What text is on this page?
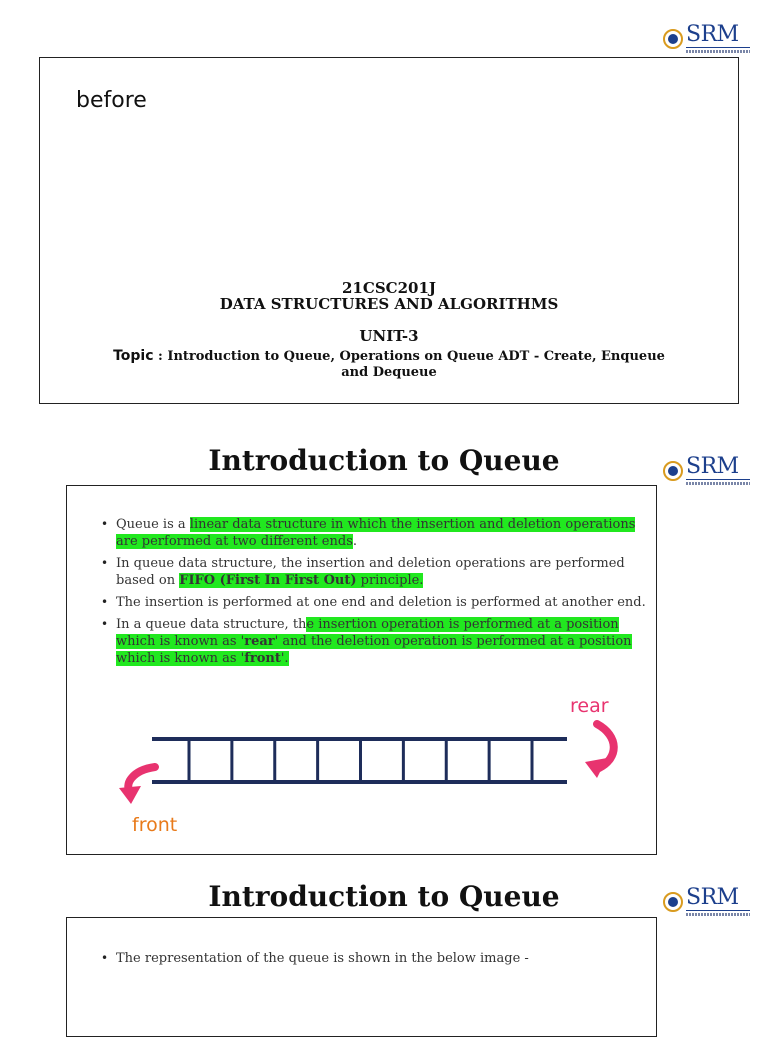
SRM
before
21CSC201J
DATA STRUCTURES AND ALGORITHMS
UNIT-3
Topic : Introduction to Queue, Operations on Queue ADT - Create, Enqueue and Dequeue
Introduction to Queue	SRM
• Queue is a linear data structure in which the insertion and deletion operations are performed at two different ends.
• In queue data structure, the insertion and deletion operations are performed based on FIFO (First In First Out) principle.
• The insertion is performed at one end and deletion is performed at another end.
• In a queue data structure, the insertion operation is performed at a position which is known as 'rear' and the deletion operation is performed at a position which is known as 'front'.
rear
front
Introduction to Queue	SRM
• The representation of the queue is shown in the below image -
